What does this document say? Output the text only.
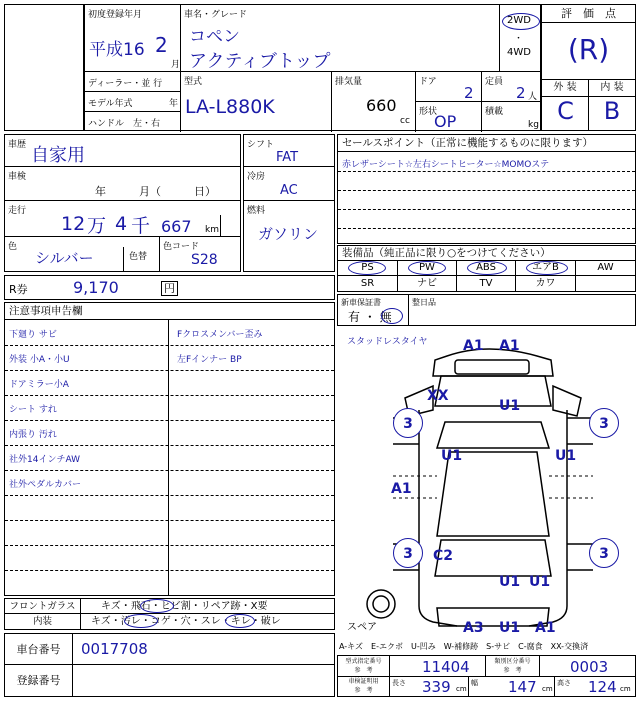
初度登録年月
平成16 2
月
車名・グレード
コペン
アクティブトップ
2WD
・
4WD
ディーラー・並 行
モデル年式	年
ハンドル　左・右
型式
LA-L880K
排気量
660
cc
ドア
2
定員
2 人
形状
OP	積載
kg
評　価　点
(R)
外 装	内 装
C	B
車歴 自家用
車検
年　　　月（　　　日）
走行
12 万 4 千 667 km
色
シルバー	色替
色コード
S28
シフト
FAT
冷房
AC
燃料
ガソリン
セールスポイント（正常に機能するものに限ります）
赤レザーシート☆左右シートヒーター☆MOMOステ
装備品（純正品に限り○をつけてください）
PS	PW	ABS	エアB	AW
SR	ナビ	TV	カワ
R券	9,170	円
新車保証書	整日品
有 ・ 無
注意事項申告欄
下廻り サビ	Fクロスメンバー歪み
外装 小A・小U	左Fインナー BP
ドアミラー小A
シート すれ
内張り 汚れ
社外14インチAW
社外ペダルカバー
スタッドレスタイヤ	A1 A1
XX
U1
3	3
U1	U1
A1
3	3
C2
U1 U1
A3 U1 A1
スペア
フロントガラス	キズ・飛石・ヒビ割・リペア跡・X要
内装	キズ・汚レ・コゲ・穴・スレ・キレ・破レ
車台番号	0017708
登録番号
A-キズ　E-エクボ　U-凹み　W-補修跡　S-サビ　C-腐食　XX-交換済
型式指定番号
参　考	11404	類別区分番号
参　考	0003
車検証明用
参　考
長さ 339 cm
幅 147 cm
高さ 124 cm
